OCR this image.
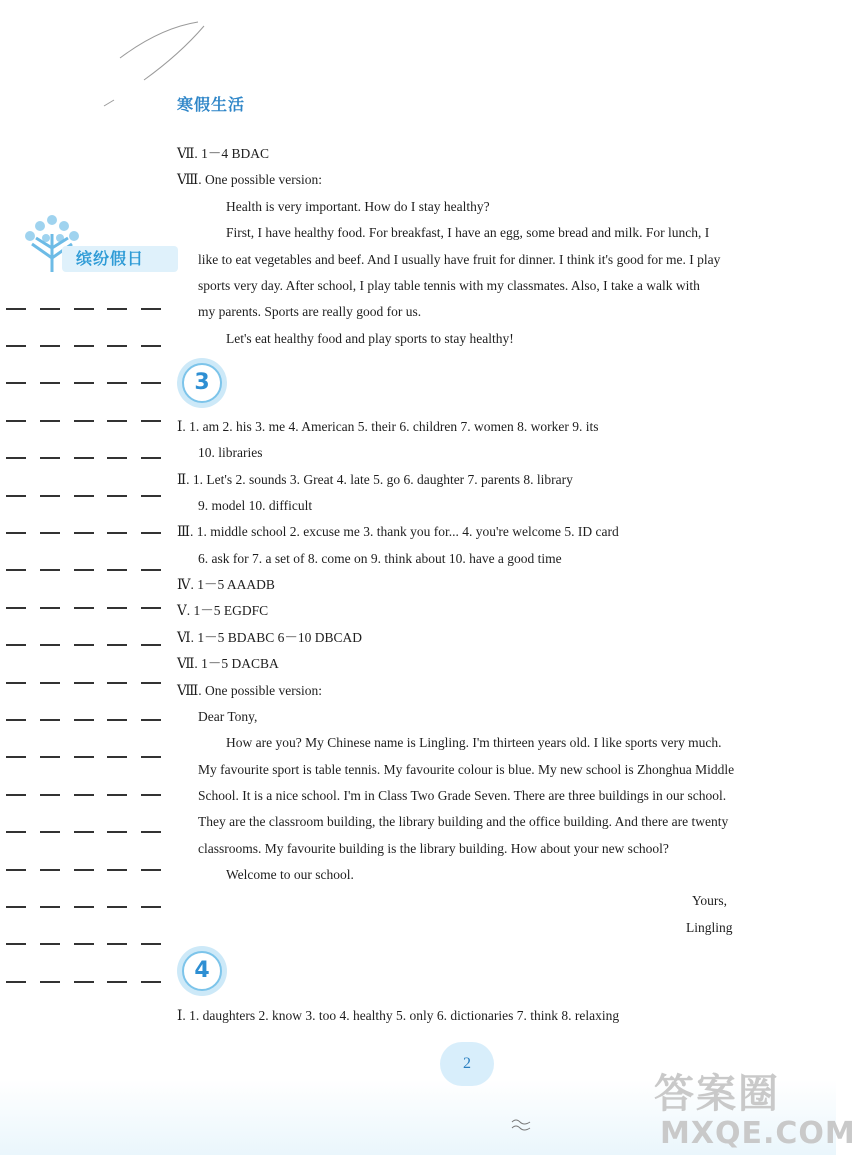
寒假生活
缤纷假日
Ⅶ. 1－4 BDAC
Ⅷ. One possible version:
Health is very important. How do I stay healthy?
First, I have healthy food. For breakfast, I have an egg, some bread and milk. For lunch, I
like to eat vegetables and beef. And I usually have fruit for dinner. I think it's good for me. I play
sports very day. After school, I play table tennis with my classmates. Also, I take a walk with
my parents. Sports are really good for us.
Let's eat healthy food and play sports to stay healthy!
3
Ⅰ. 1. am 2. his 3. me 4. American 5. their 6. children 7. women 8. worker 9. its
10. libraries
Ⅱ. 1. Let's 2. sounds 3. Great 4. late 5. go 6. daughter 7. parents 8. library
9. model 10. difficult
Ⅲ. 1. middle school 2. excuse me 3. thank you for... 4. you're welcome 5. ID card
6. ask for 7. a set of 8. come on 9. think about 10. have a good time
Ⅳ. 1－5 AAADB
Ⅴ. 1－5 EGDFC
Ⅵ. 1－5 BDABC 6－10 DBCAD
Ⅶ. 1－5 DACBA
Ⅷ. One possible version:
Dear Tony,
How are you? My Chinese name is Lingling. I'm thirteen years old. I like sports very much.
My favourite sport is table tennis. My favourite colour is blue. My new school is Zhonghua Middle
School. It is a nice school. I'm in Class Two Grade Seven. There are three buildings in our school.
They are the classroom building, the library building and the office building. And there are twenty
classrooms. My favourite building is the library building. How about your new school?
Welcome to our school.
Yours,
Lingling
4
Ⅰ. 1. daughters 2. know 3. too 4. healthy 5. only 6. dictionaries 7. think 8. relaxing
2
答案圈
MXQE.COM
